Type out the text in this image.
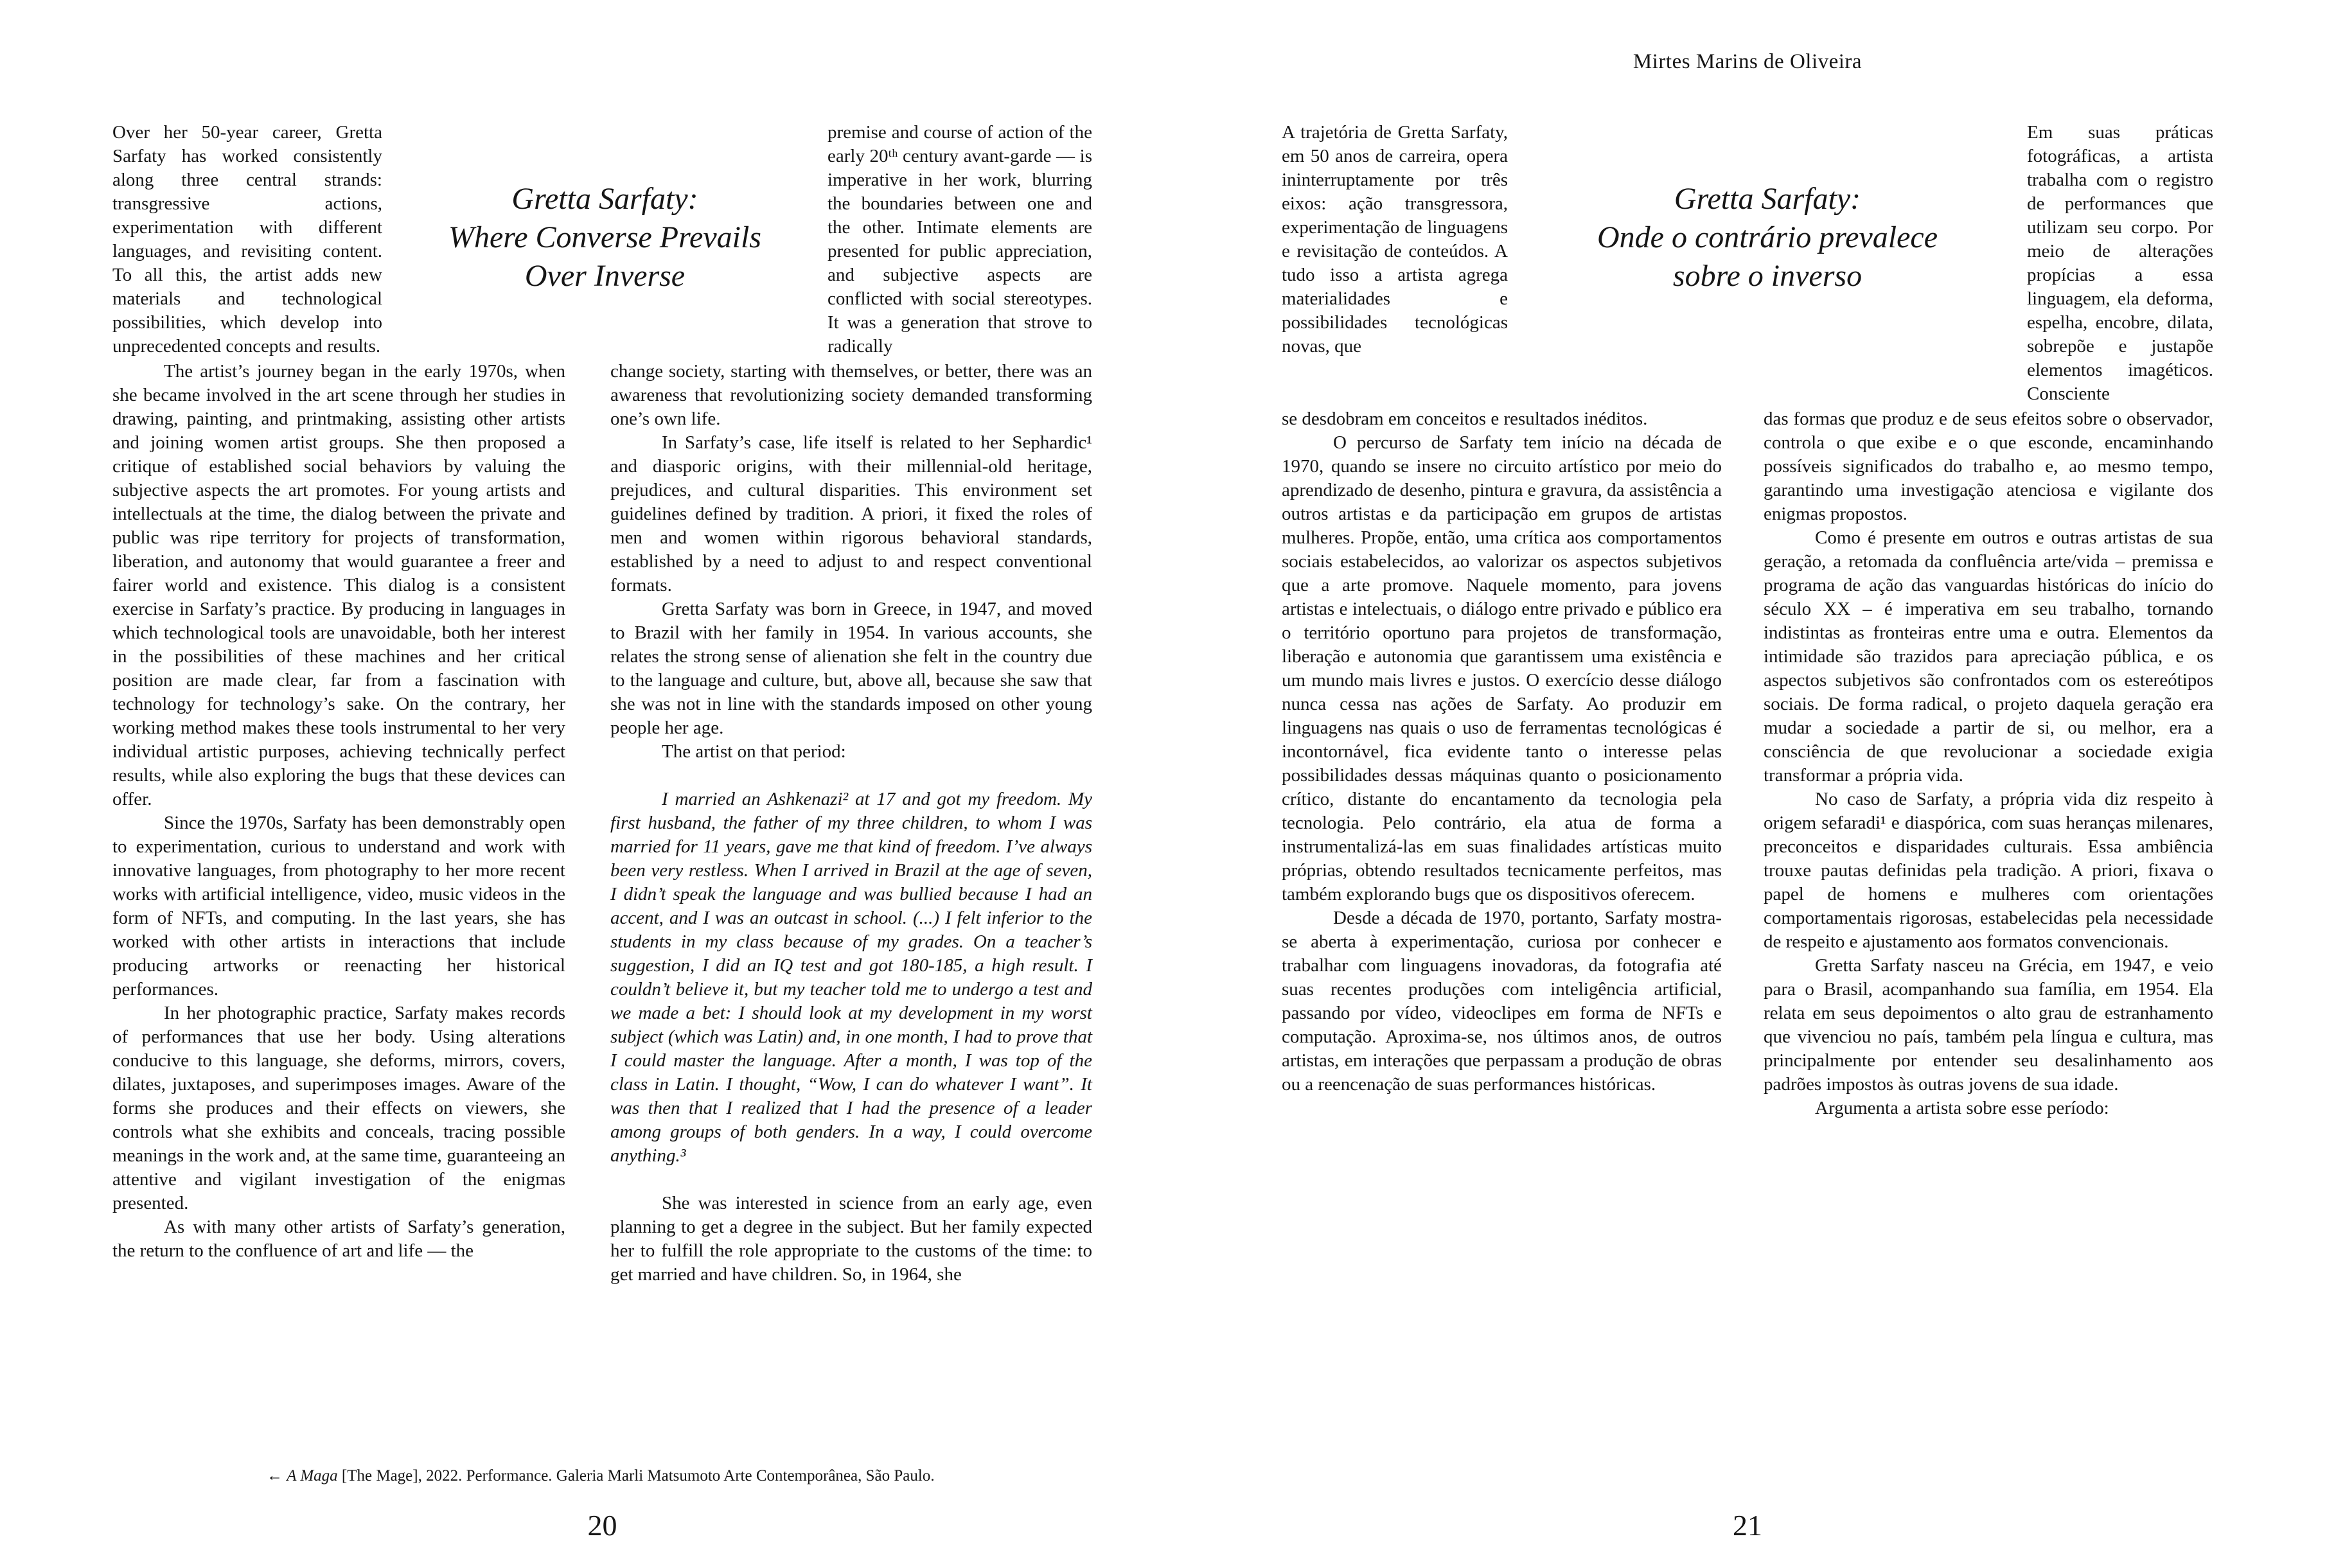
Mirtes Marins de Oliveira
Over her 50-year career, Gretta Sarfaty has worked consistently along three central strands: transgressive actions, experimentation with different languages, and revisiting content. To all this, the artist adds new materials and technological possibilities, which develop into unprecedented concepts and results.
Gretta Sarfaty:
Where Converse Prevails
Over Inverse
premise and course of action of the early 20ᵗʰ century avant-garde — is imperative in her work, blurring the boundaries between one and the other. Intimate elements are presented for public appreciation, and subjective aspects are conflicted with social stereotypes. It was a generation that strove to radically

The artist’s journey began in the early 1970s, when she became involved in the art scene through her studies in drawing, painting, and printmaking, assisting other artists and joining women artist groups. She then proposed a critique of established social behaviors by valuing the subjective aspects the art promotes. For young artists and intellectuals at the time, the dialog between the private and public was ripe territory for projects of transformation, liberation, and autonomy that would guarantee a freer and fairer world and existence. This dialog is a consistent exercise in Sarfaty’s practice. By producing in languages in which technological tools are unavoidable, both her interest in the possibilities of these machines and her critical position are made clear, far from a fascination with technology for technology’s sake. On the contrary, her working method makes these tools instrumental to her very individual artistic purposes, achieving technically perfect results, while also exploring the bugs that these devices can offer.

Since the 1970s, Sarfaty has been demonstrably open to experimentation, curious to understand and work with innovative languages, from photography to her more recent works with artificial intelligence, video, music videos in the form of NFTs, and computing. In the last years, she has worked with other artists in interactions that include producing artworks or reenacting her historical performances.

In her photographic practice, Sarfaty makes records of performances that use her body. Using alterations conducive to this language, she deforms, mirrors, covers, dilates, juxtaposes, and superimposes images. Aware of the forms she produces and their effects on viewers, she controls what she exhibits and conceals, tracing possible meanings in the work and, at the same time, guaranteeing an attentive and vigilant investigation of the enigmas presented.

As with many other artists of Sarfaty’s generation, the return to the confluence of art and life — the

change society, starting with themselves, or better, there was an awareness that revolutionizing society demanded transforming one’s own life.

In Sarfaty’s case, life itself is related to her Sephardic¹ and diasporic origins, with their millennial-old heritage, prejudices, and cultural disparities. This environment set guidelines defined by tradition. A priori, it fixed the roles of men and women within rigorous behavioral standards, established by a need to adjust to and respect conventional formats.

Gretta Sarfaty was born in Greece, in 1947, and moved to Brazil with her family in 1954. In various accounts, she relates the strong sense of alienation she felt in the country due to the language and culture, but, above all, because she saw that she was not in line with the standards imposed on other young people her age.

The artist on that period:

I married an Ashkenazi² at 17 and got my freedom. My first husband, the father of my three children, to whom I was married for 11 years, gave me that kind of freedom. I’ve always been very restless. When I arrived in Brazil at the age of seven, I didn’t speak the language and was bullied because I had an accent, and I was an outcast in school. (...) I felt inferior to the students in my class because of my grades. On a teacher’s suggestion, I did an IQ test and got 180-185, a high result. I couldn’t believe it, but my teacher told me to undergo a test and we made a bet: I should look at my development in my worst subject (which was Latin) and, in one month, I had to prove that I could master the language. After a month, I was top of the class in Latin. I thought, “Wow, I can do whatever I want”. It was then that I realized that I had the presence of a leader among groups of both genders. In a way, I could overcome anything.³

She was interested in science from an early age, even planning to get a degree in the subject. But her family expected her to fulfill the role appropriate to the customs of the time: to get married and have children. So, in 1964, she

← A Maga [The Mage], 2022. Performance. Galeria Marli Matsumoto Arte Contemporânea, São Paulo.
20
A trajetória de Gretta Sarfaty, em 50 anos de carreira, opera ininterruptamente por três eixos: ação transgressora, experimentação de linguagens e revisitação de conteúdos. A tudo isso a artista agrega materialidades e possibilidades tecnológicas novas, que
Gretta Sarfaty:
Onde o contrário prevalece
sobre o inverso
Em suas práticas fotográficas, a artista trabalha com o registro de performances que utilizam seu corpo. Por meio de alterações propícias a essa linguagem, ela deforma, espelha, encobre, dilata, sobrepõe e justapõe elementos imagéticos. Consciente

se desdobram em conceitos e resultados inéditos.

O percurso de Sarfaty tem início na década de 1970, quando se insere no circuito artístico por meio do aprendizado de desenho, pintura e gravura, da assistência a outros artistas e da participação em grupos de artistas mulheres. Propõe, então, uma crítica aos comportamentos sociais estabelecidos, ao valorizar os aspectos subjetivos que a arte promove. Naquele momento, para jovens artistas e intelectuais, o diálogo entre privado e público era o território oportuno para projetos de transformação, liberação e autonomia que garantissem uma existência e um mundo mais livres e justos. O exercício desse diálogo nunca cessa nas ações de Sarfaty. Ao produzir em linguagens nas quais o uso de ferramentas tecnológicas é incontornável, fica evidente tanto o interesse pelas possibilidades dessas máquinas quanto o posicionamento crítico, distante do encantamento da tecnologia pela tecnologia. Pelo contrário, ela atua de forma a instrumentalizá-las em suas finalidades artísticas muito próprias, obtendo resultados tecnicamente perfeitos, mas também explorando bugs que os dispositivos oferecem.

Desde a década de 1970, portanto, Sarfaty mostra-se aberta à experimentação, curiosa por conhecer e trabalhar com linguagens inovadoras, da fotografia até suas recentes produções com inteligência artificial, passando por vídeo, videoclipes em forma de NFTs e computação. Aproxima-se, nos últimos anos, de outros artistas, em interações que perpassam a produção de obras ou a reencenação de suas performances históricas.

das formas que produz e de seus efeitos sobre o observador, controla o que exibe e o que esconde, encaminhando possíveis significados do trabalho e, ao mesmo tempo, garantindo uma investigação atenciosa e vigilante dos enigmas propostos.

Como é presente em outros e outras artistas de sua geração, a retomada da confluência arte/vida – premissa e programa de ação das vanguardas históricas do início do século XX – é imperativa em seu trabalho, tornando indistintas as fronteiras entre uma e outra. Elementos da intimidade são trazidos para apreciação pública, e os aspectos subjetivos são confrontados com os estereótipos sociais. De forma radical, o projeto daquela geração era mudar a sociedade a partir de si, ou melhor, era a consciência de que revolucionar a sociedade exigia transformar a própria vida.

No caso de Sarfaty, a própria vida diz respeito à origem sefaradi¹ e diaspórica, com suas heranças milenares, preconceitos e disparidades culturais. Essa ambiência trouxe pautas definidas pela tradição. A priori, fixava o papel de homens e mulheres com orientações comportamentais rigorosas, estabelecidas pela necessidade de respeito e ajustamento aos formatos convencionais.

Gretta Sarfaty nasceu na Grécia, em 1947, e veio para o Brasil, acompanhando sua família, em 1954. Ela relata em seus depoimentos o alto grau de estranhamento que vivenciou no país, também pela língua e cultura, mas principalmente por entender seu desalinhamento aos padrões impostos às outras jovens de sua idade.

Argumenta a artista sobre esse período:

21
